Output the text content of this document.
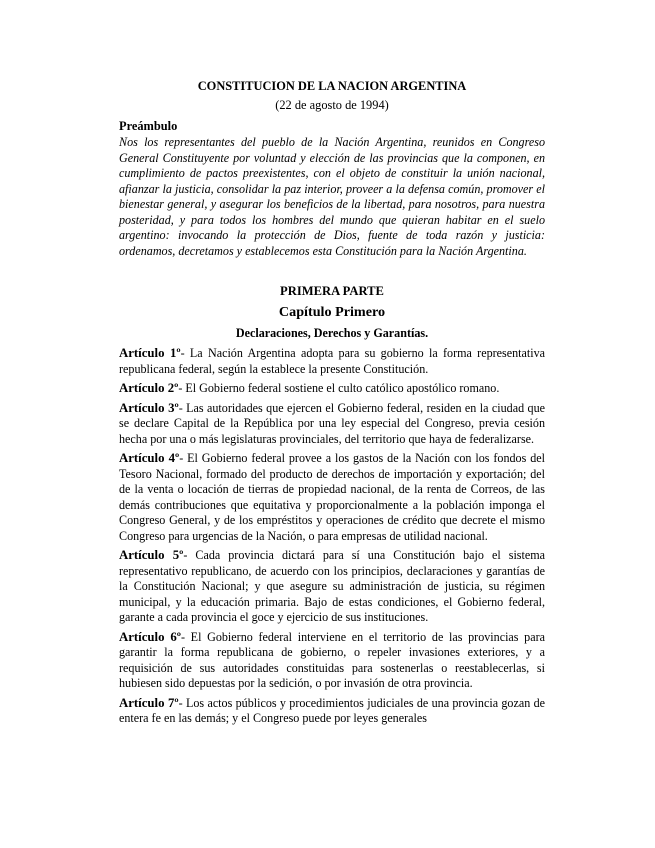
CONSTITUCION DE LA NACION ARGENTINA

(22 de agosto de 1994)

Preámbulo

Nos los representantes del pueblo de la Nación Argentina, reunidos en Congreso General Constituyente por voluntad y elección de las provincias que la componen, en cumplimiento de pactos preexistentes, con el objeto de constituir la unión nacional, afianzar la justicia, consolidar la paz interior, proveer a la defensa común, promover el bienestar general, y asegurar los beneficios de la libertad, para nosotros, para nuestra posteridad, y para todos los hombres del mundo que quieran habitar en el suelo argentino: invocando la protección de Dios, fuente de toda razón y justicia: ordenamos, decretamos y establecemos esta Constitución para la Nación Argentina.

PRIMERA PARTE
Capítulo Primero
Declaraciones, Derechos y Garantías.

Artículo 1º- La Nación Argentina adopta para su gobierno la forma representativa republicana federal, según la establece la presente Constitución.

Artículo 2º- El Gobierno federal sostiene el culto católico apostólico romano.

Artículo 3º- Las autoridades que ejercen el Gobierno federal, residen en la ciudad que se declare Capital de la República por una ley especial del Congreso, previa cesión hecha por una o más legislaturas provinciales, del territorio que haya de federalizarse.

Artículo 4º- El Gobierno federal provee a los gastos de la Nación con los fondos del Tesoro Nacional, formado del producto de derechos de importación y exportación; del de la venta o locación de tierras de propiedad nacional, de la renta de Correos, de las demás contribuciones que equitativa y proporcionalmente a la población imponga el Congreso General, y de los empréstitos y operaciones de crédito que decrete el mismo Congreso para urgencias de la Nación, o para empresas de utilidad nacional.

Artículo 5º- Cada provincia dictará para sí una Constitución bajo el sistema representativo republicano, de acuerdo con los principios, declaraciones y garantías de la Constitución Nacional; y que asegure su administración de justicia, su régimen municipal, y la educación primaria. Bajo de estas condiciones, el Gobierno federal, garante a cada provincia el goce y ejercicio de sus instituciones.

Artículo 6º- El Gobierno federal interviene en el territorio de las provincias para garantir la forma republicana de gobierno, o repeler invasiones exteriores, y a requisición de sus autoridades constituidas para sostenerlas o reestablecerlas, si hubiesen sido depuestas por la sedición, o por invasión de otra provincia.

Artículo 7º- Los actos públicos y procedimientos judiciales de una provincia gozan de entera fe en las demás; y el Congreso puede por leyes generales
